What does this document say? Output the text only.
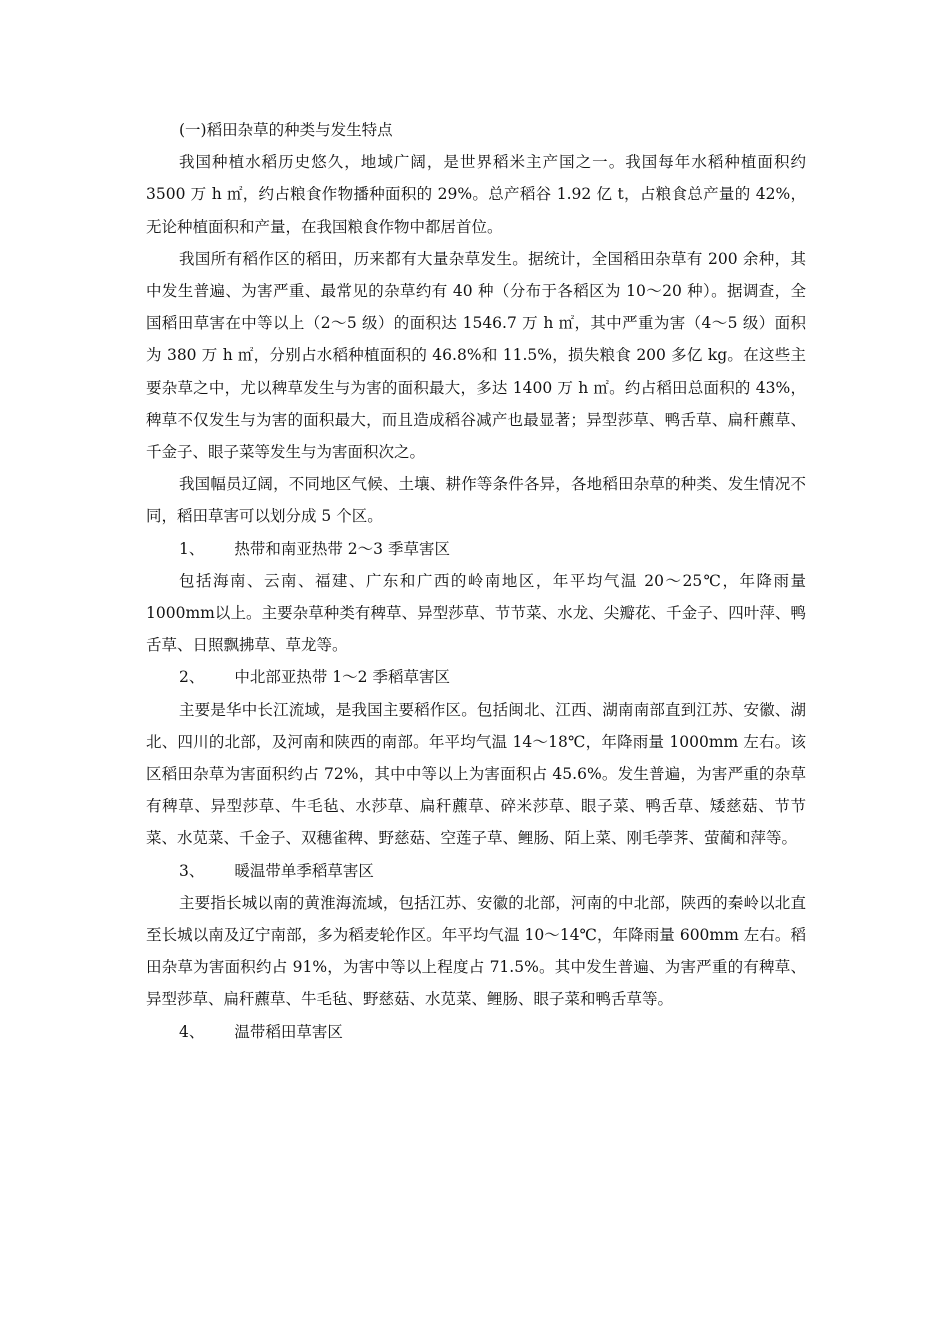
(一)稻田杂草的种类与发生特点

我国种植水稻历史悠久，地域广阔，是世界稻米主产国之一。我国每年水稻种植面积约3500 万 h ㎡，约占粮食作物播种面积的 29%。总产稻谷 1.92 亿 t，占粮食总产量的 42%，无论种植面积和产量，在我国粮食作物中都居首位。

我国所有稻作区的稻田，历来都有大量杂草发生。据统计，全国稻田杂草有 200 余种，其中发生普遍、为害严重、最常见的杂草约有 40 种（分布于各稻区为 10～20 种）。据调查，全国稻田草害在中等以上（2～5 级）的面积达 1546.7 万 h ㎡，其中严重为害（4～5 级）面积为 380 万 h ㎡，分别占水稻种植面积的 46.8%和 11.5%，损失粮食 200 多亿 kg。在这些主要杂草之中，尤以稗草发生与为害的面积最大，多达 1400 万 h ㎡。约占稻田总面积的 43%，稗草不仅发生与为害的面积最大，而且造成稻谷减产也最显著；异型莎草、鸭舌草、扁秆藨草、千金子、眼子菜等发生与为害面积次之。

我国幅员辽阔，不同地区气候、土壤、耕作等条件各异，各地稻田杂草的种类、发生情况不同，稻田草害可以划分成 5 个区。

1、 热带和南亚热带 2～3 季草害区

包括海南、云南、福建、广东和广西的岭南地区，年平均气温 20～25℃，年降雨量 1000mm以上。主要杂草种类有稗草、异型莎草、节节菜、水龙、尖瓣花、千金子、四叶萍、鸭舌草、日照飘拂草、草龙等。

2、 中北部亚热带 1～2 季稻草害区

主要是华中长江流域，是我国主要稻作区。包括闽北、江西、湖南南部直到江苏、安徽、湖北、四川的北部，及河南和陕西的南部。年平均气温 14～18℃，年降雨量 1000mm 左右。该区稻田杂草为害面积约占 72%，其中中等以上为害面积占 45.6%。发生普遍，为害严重的杂草有稗草、异型莎草、牛毛毡、水莎草、扁秆藨草、碎米莎草、眼子菜、鸭舌草、矮慈菇、节节菜、水苋菜、千金子、双穗雀稗、野慈菇、空莲子草、鲤肠、陌上菜、刚毛荸荠、萤蔺和萍等。

3、 暖温带单季稻草害区

主要指长城以南的黄淮海流域，包括江苏、安徽的北部，河南的中北部，陕西的秦岭以北直至长城以南及辽宁南部，多为稻麦轮作区。年平均气温 10～14℃，年降雨量 600mm 左右。稻田杂草为害面积约占 91%，为害中等以上程度占 71.5%。其中发生普遍、为害严重的有稗草、异型莎草、扁秆藨草、牛毛毡、野慈菇、水苋菜、鲤肠、眼子菜和鸭舌草等。

4、 温带稻田草害区
